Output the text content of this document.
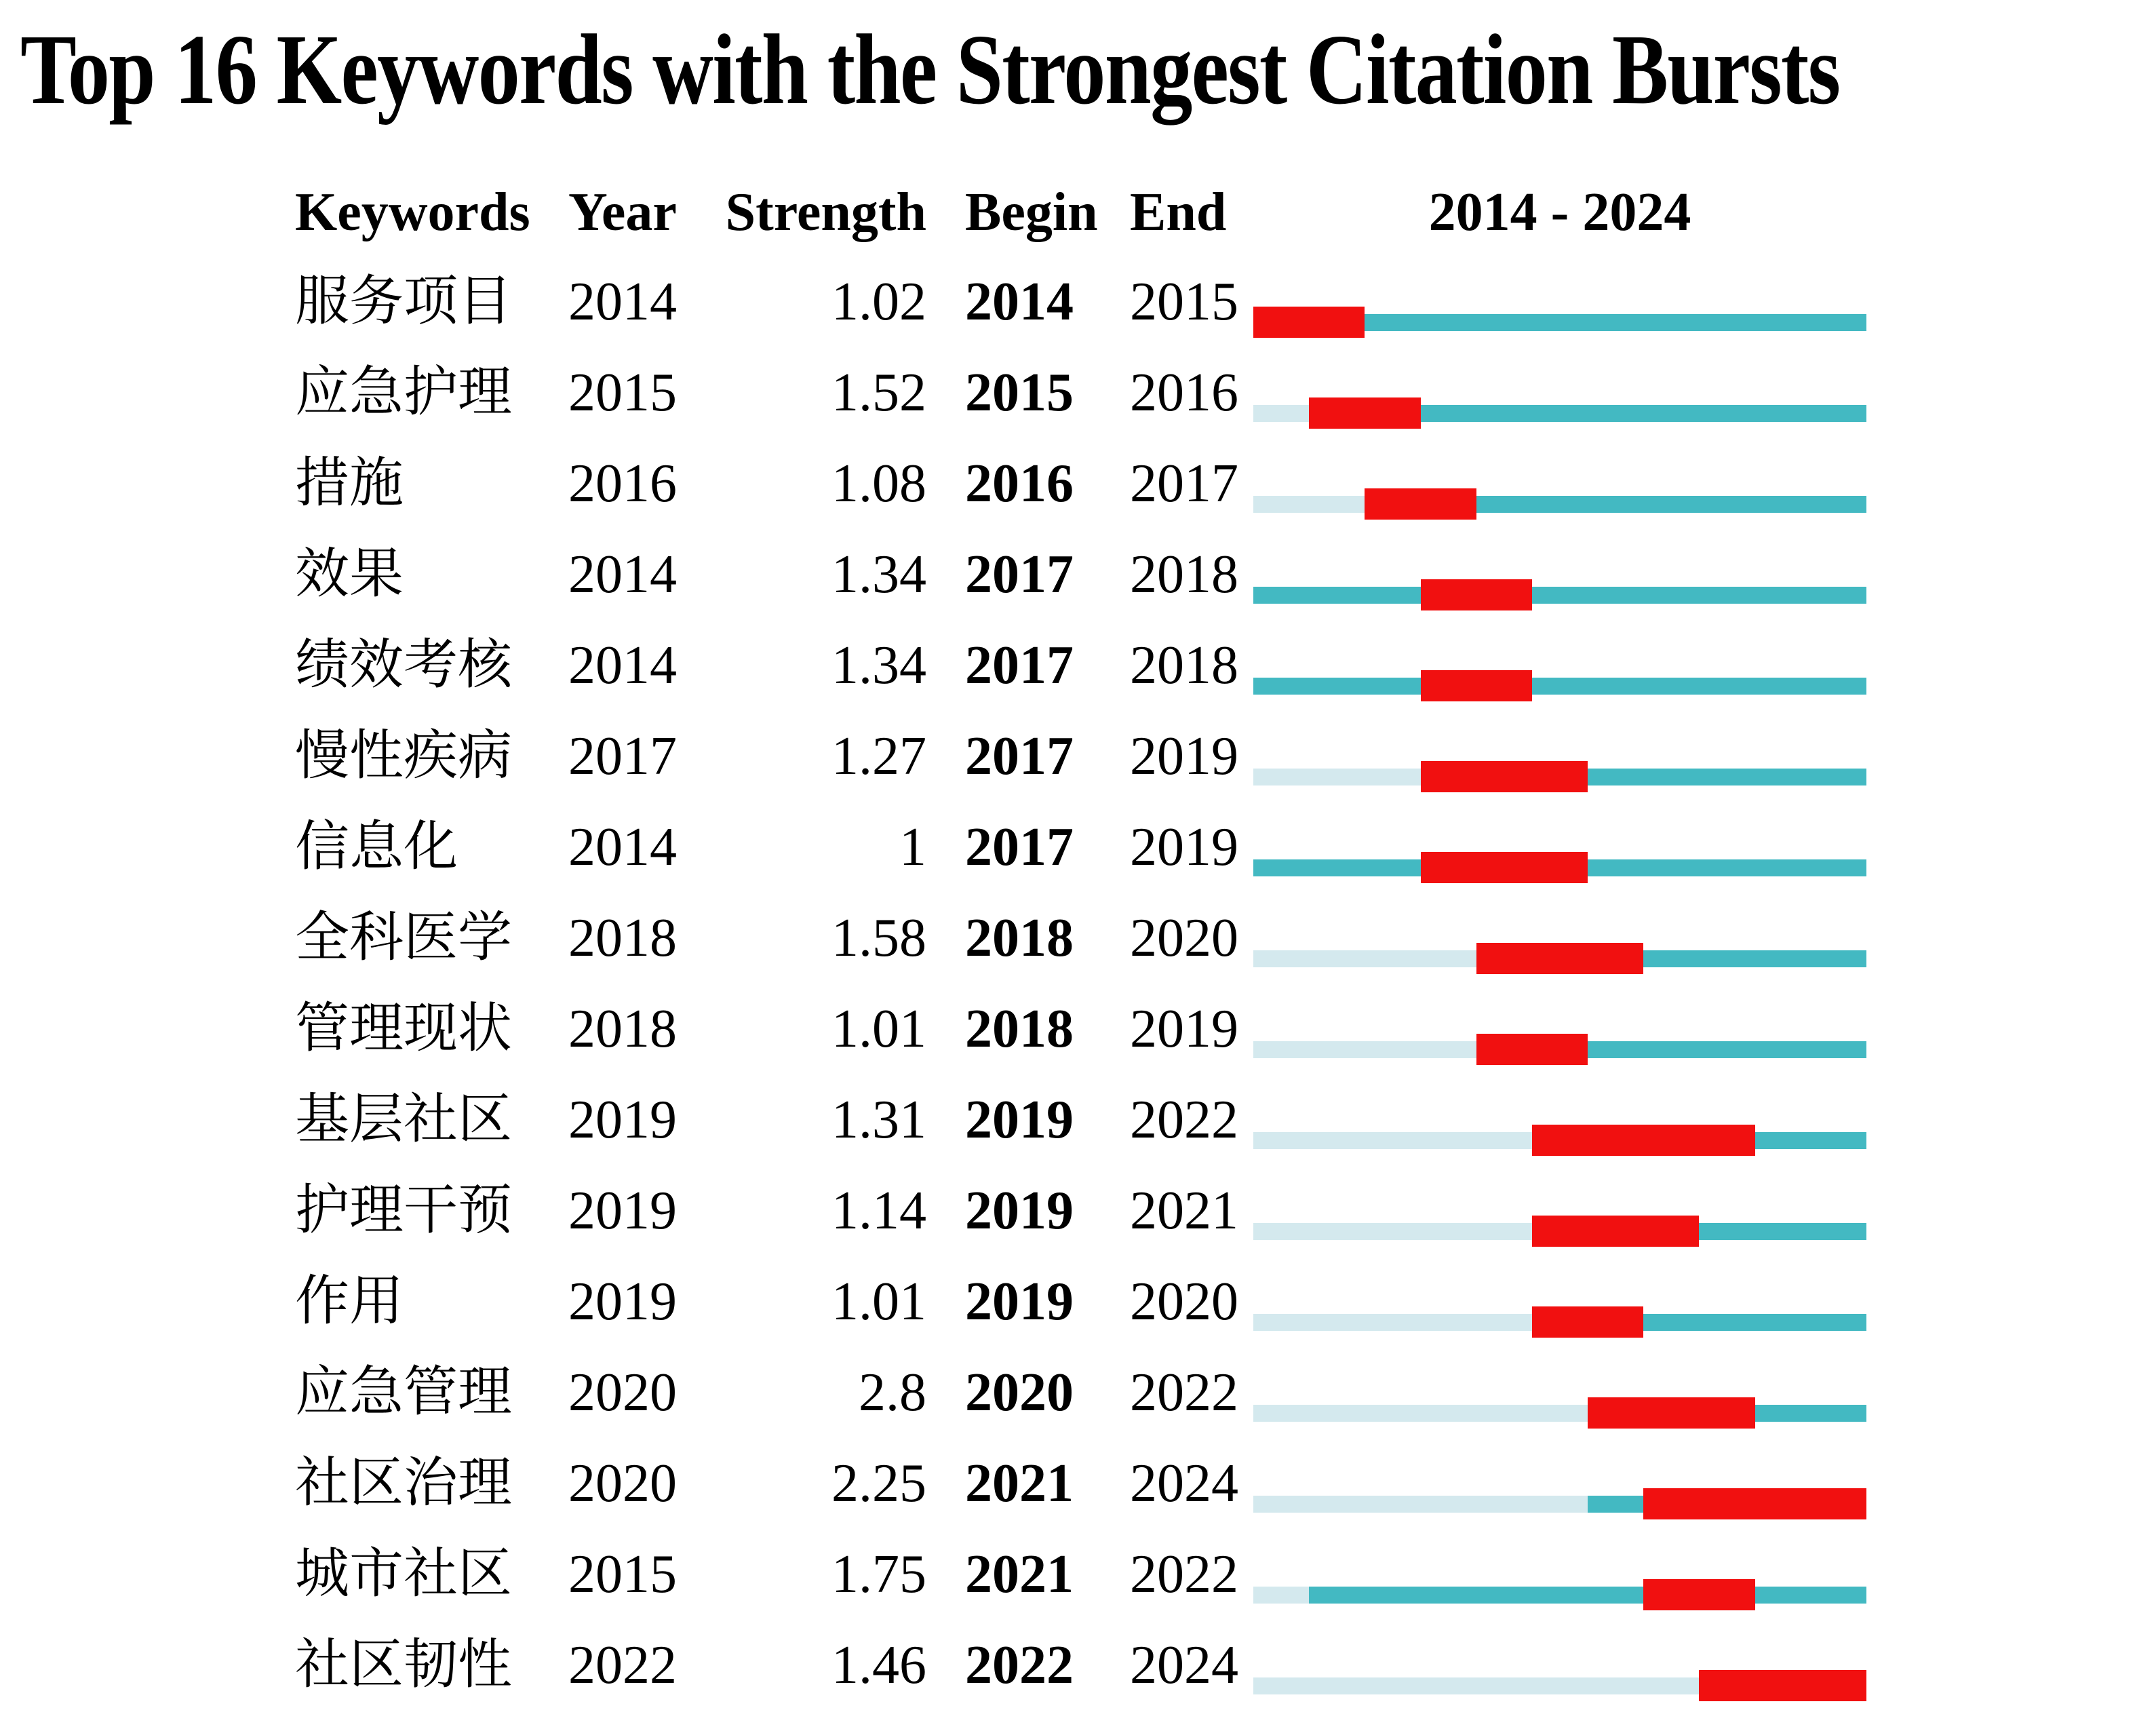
Top 16 Keywords with the Strongest Citation Bursts
Keywords Year Strength Begin End	2014 - 2024
服务项目	2014	1.02 2014	2015
应急护理	2015	1.52 2015	2016
措施	2016	1.08 2016	2017
效果	2014	1.34 2017	2018
绩效考核	2014	1.34 2017	2018
慢性疾病	2017	1.27 2017	2019
信息化	2014	1 2017	2019
全科医学	2018	1.58 2018	2020
管理现状	2018	1.01 2018	2019
基层社区	2019	1.31 2019	2022
护理干预	2019	1.14 2019	2021
作用	2019	1.01 2019	2020
应急管理	2020	2.8 2020	2022
社区治理	2020	2.25 2021	2024
城市社区	2015	1.75 2021	2022
社区韧性	2022	1.46 2022	2024
